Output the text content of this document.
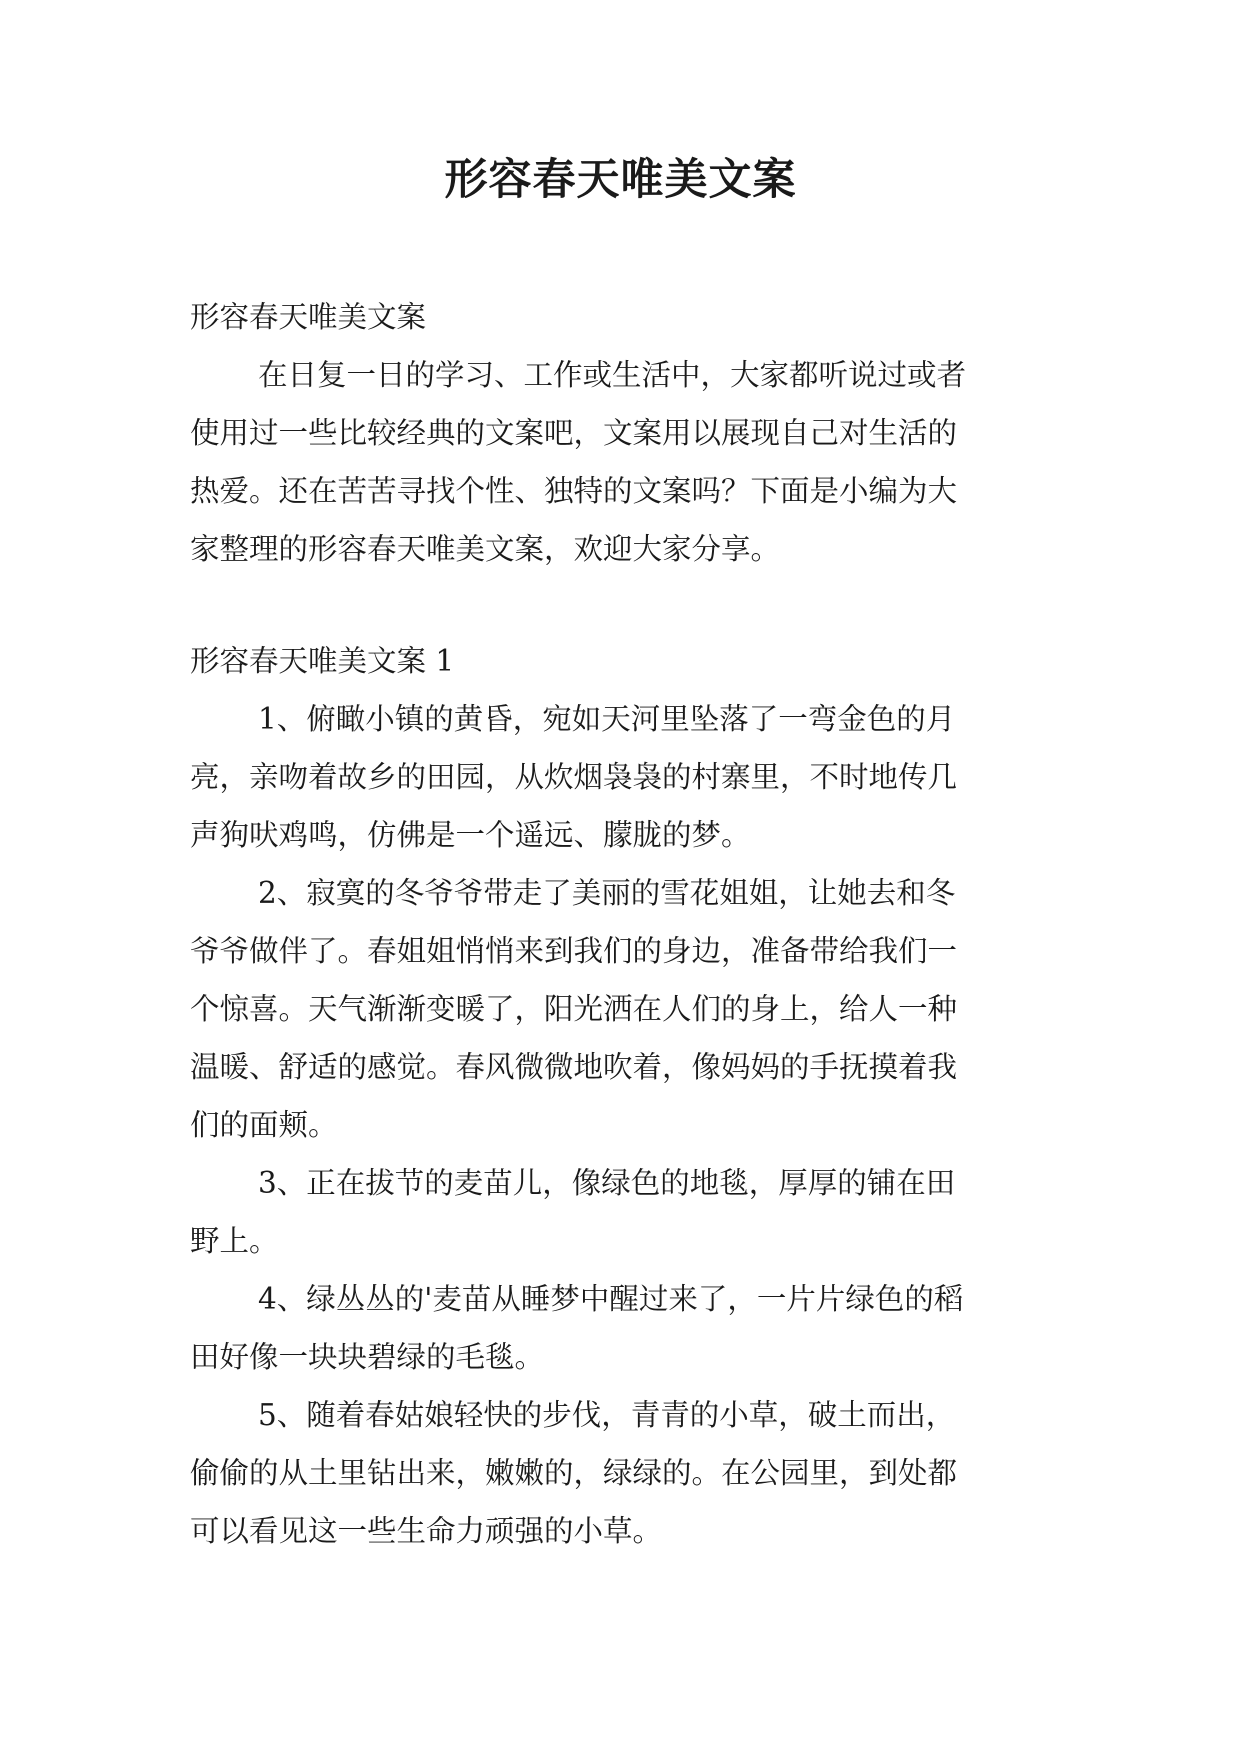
形容春天唯美文案

形容春天唯美文案

在日复一日的学习、工作或生活中，大家都听说过或者

使用过一些比较经典的文案吧，文案用以展现自己对生活的

热爱。还在苦苦寻找个性、独特的文案吗？下面是小编为大

家整理的形容春天唯美文案，欢迎大家分享。

形容春天唯美文案 1

1、俯瞰小镇的黄昏，宛如天河里坠落了一弯金色的月

亮，亲吻着故乡的田园，从炊烟袅袅的村寨里，不时地传几

声狗吠鸡鸣，仿佛是一个遥远、朦胧的梦。

2、寂寞的冬爷爷带走了美丽的雪花姐姐，让她去和冬

爷爷做伴了。春姐姐悄悄来到我们的身边，准备带给我们一

个惊喜。天气渐渐变暖了，阳光洒在人们的身上，给人一种

温暖、舒适的感觉。春风微微地吹着，像妈妈的手抚摸着我

们的面颊。

3、正在拔节的麦苗儿，像绿色的地毯，厚厚的铺在田

野上。

4、绿丛丛的'麦苗从睡梦中醒过来了，一片片绿色的稻

田好像一块块碧绿的毛毯。

5、随着春姑娘轻快的步伐，青青的小草，破土而出，

偷偷的从土里钻出来，嫩嫩的，绿绿的。在公园里，到处都

可以看见这一些生命力顽强的小草。
